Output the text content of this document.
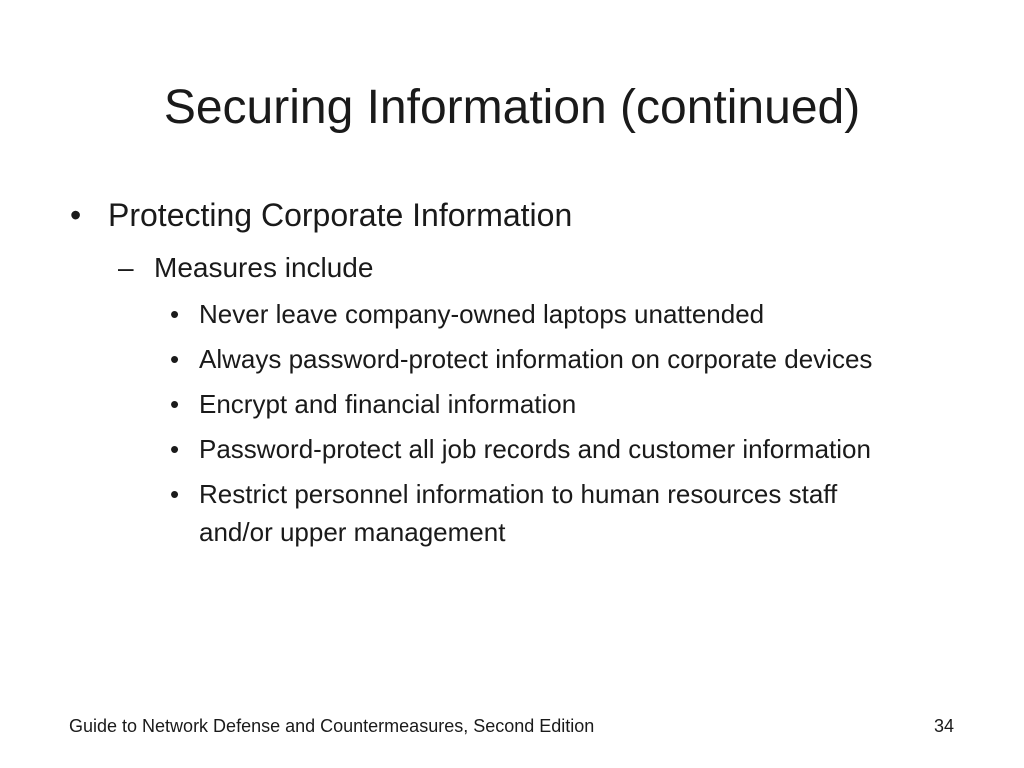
Securing Information (continued)
• Protecting Corporate Information
– Measures include
• Never leave company-owned laptops unattended
• Always password-protect information on corporate devices
• Encrypt and financial information
• Password-protect all job records and customer information
• Restrict personnel information to human resources staff and/or upper management
Guide to Network Defense and Countermeasures, Second Edition	34
